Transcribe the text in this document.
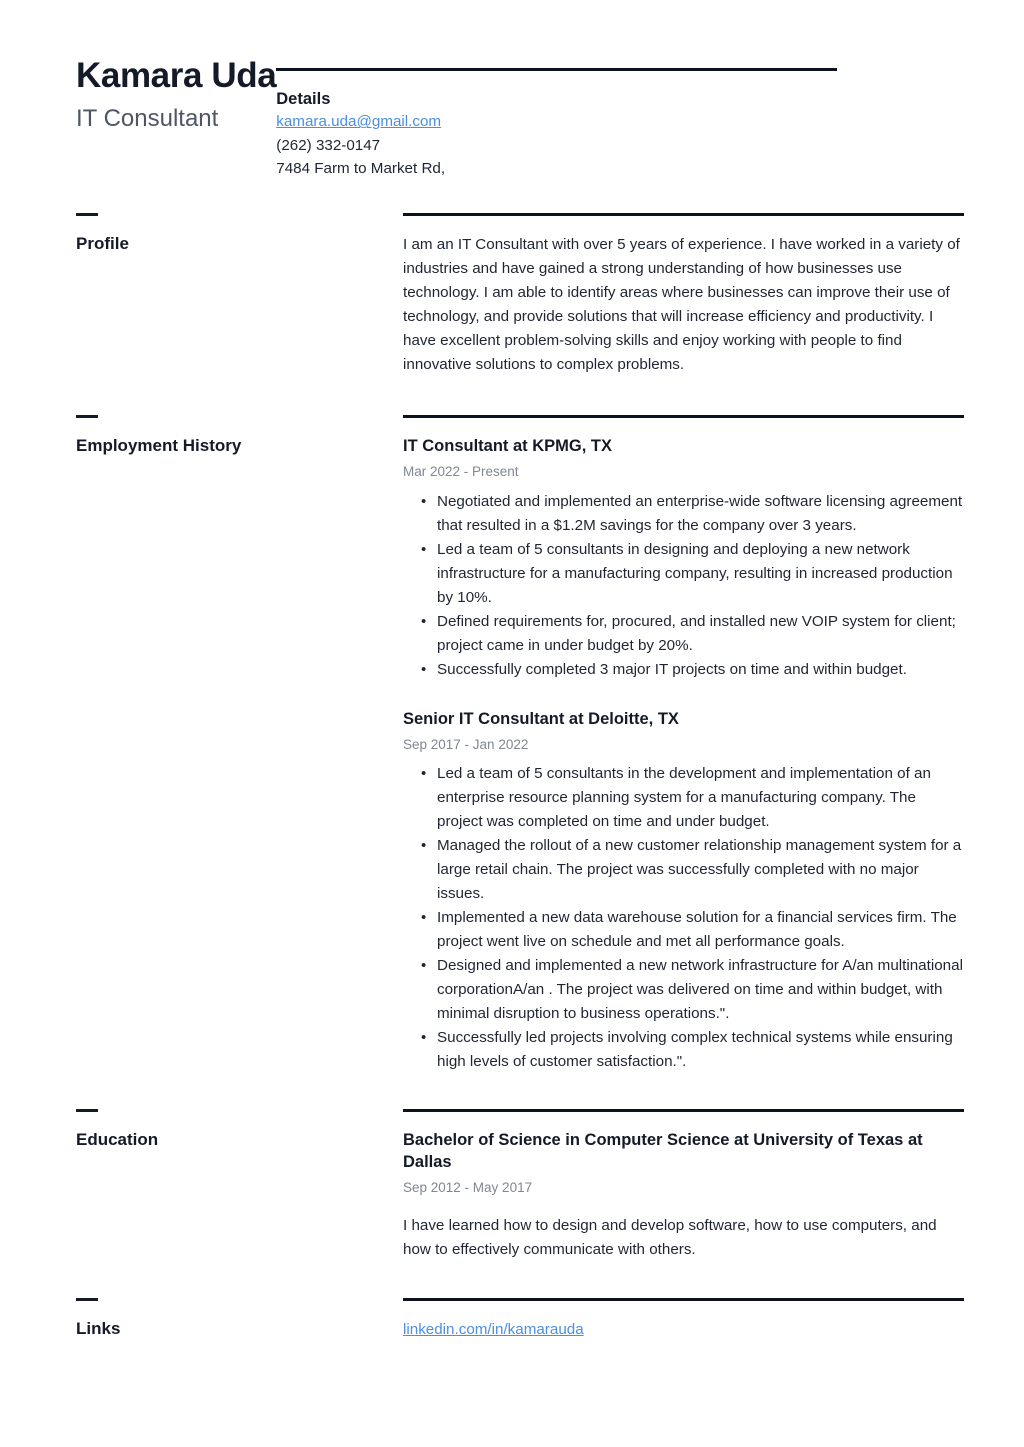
Kamara Uda
IT Consultant
Details
kamara.uda@gmail.com
(262) 332-0147
7484 Farm to Market Rd,
Profile	I am an IT Consultant with over 5 years of experience. I have worked in a variety of industries and have gained a strong understanding of how businesses use technology. I am able to identify areas where businesses can improve their use of technology, and provide solutions that will increase efficiency and productivity. I have excellent problem-solving skills and enjoy working with people to find innovative solutions to complex problems.

Employment History	IT Consultant at KPMG, TX
Mar 2022 - Present
• Negotiated and implemented an enterprise-wide software licensing agreement that resulted in a $1.2M savings for the company over 3 years.
• Led a team of 5 consultants in designing and deploying a new network infrastructure for a manufacturing company, resulting in increased production by 10%.
• Defined requirements for, procured, and installed new VOIP system for client; project came in under budget by 20%.
• Successfully completed 3 major IT projects on time and within budget.
Senior IT Consultant at Deloitte, TX
Sep 2017 - Jan 2022
• Led a team of 5 consultants in the development and implementation of an enterprise resource planning system for a manufacturing company. The project was completed on time and under budget.
• Managed the rollout of a new customer relationship management system for a large retail chain. The project was successfully completed with no major issues.
• Implemented a new data warehouse solution for a financial services firm. The project went live on schedule and met all performance goals.
• Designed and implemented a new network infrastructure for A/an multinational corporationA/an . The project was delivered on time and within budget, with minimal disruption to business operations.".
• Successfully led projects involving complex technical systems while ensuring high levels of customer satisfaction.".
Education	Bachelor of Science in Computer Science at University of Texas at Dallas
Sep 2012 - May 2017

I have learned how to design and develop software, how to use computers, and how to effectively communicate with others.

Links	linkedin.com/in/kamarauda
